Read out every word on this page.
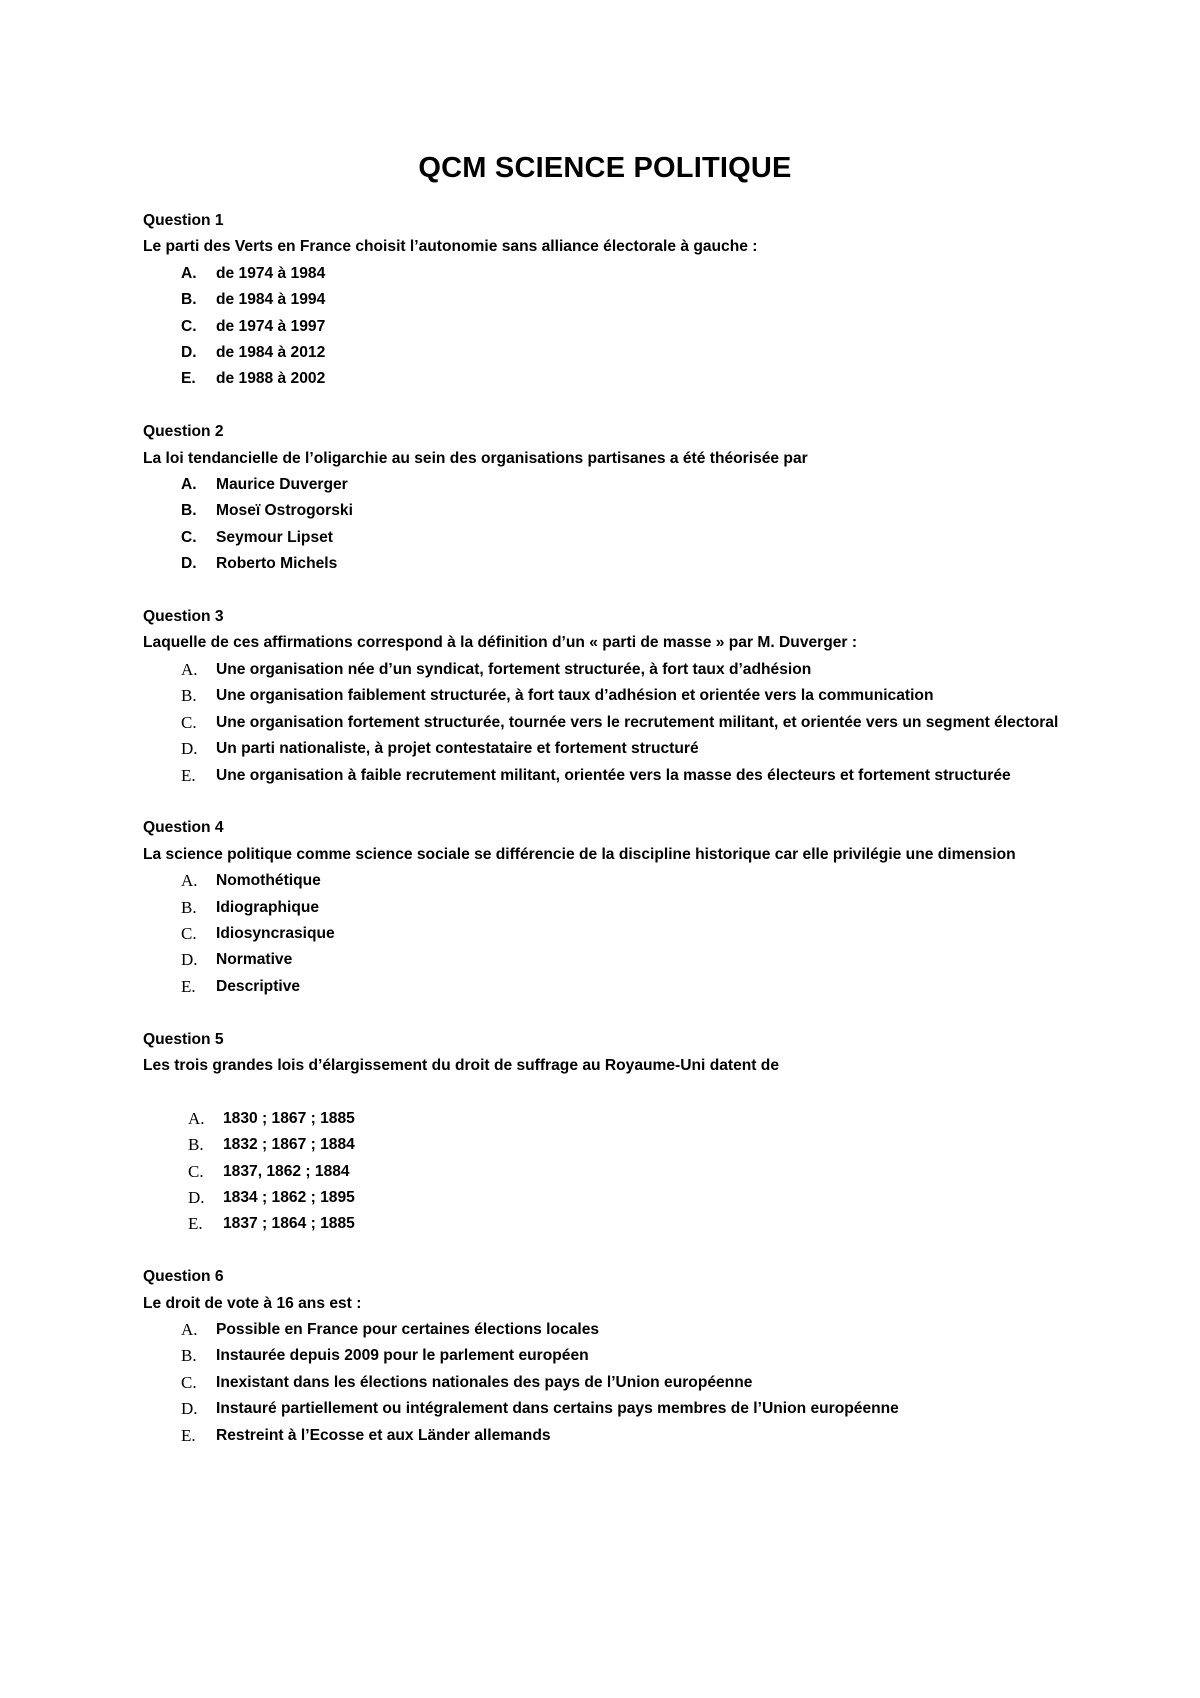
QCM SCIENCE POLITIQUE

Question 1

Le parti des Verts en France choisit l’autonomie sans alliance électorale à gauche :

A. de 1974 à 1984
B. de 1984 à 1994
C. de 1974 à 1997
D. de 1984 à 2012
E. de 1988 à 2002

Question 2

La loi tendancielle de l’oligarchie au sein des organisations partisanes a été théorisée par

A. Maurice Duverger
B. Moseï Ostrogorski
C. Seymour Lipset
D. Roberto Michels

Question 3

Laquelle de ces affirmations correspond à la définition d’un « parti de masse » par M. Duverger :

A. Une organisation née d’un syndicat, fortement structurée, à fort taux d’adhésion
B. Une organisation faiblement structurée, à fort taux d’adhésion et orientée vers la communication
C. Une organisation fortement structurée, tournée vers le recrutement militant, et orientée vers un segment électoral
D. Un parti nationaliste, à projet contestataire et fortement structuré
E. Une organisation à faible recrutement militant, orientée vers la masse des électeurs et fortement structurée

Question 4

La science politique comme science sociale se différencie de la discipline historique car elle privilégie une dimension

A. Nomothétique
B. Idiographique
C. Idiosyncrasique
D. Normative
E. Descriptive

Question 5

Les trois grandes lois d’élargissement du droit de suffrage au Royaume-Uni datent de

A. 1830 ; 1867 ; 1885
B. 1832 ; 1867 ; 1884
C. 1837, 1862 ; 1884
D. 1834 ; 1862 ; 1895
E. 1837 ; 1864 ; 1885

Question 6

Le droit de vote à 16 ans est :

A. Possible en France pour certaines élections locales
B. Instaurée depuis 2009 pour le parlement européen
C. Inexistant dans les élections nationales des pays de l’Union européenne
D. Instauré partiellement ou intégralement dans certains pays membres de l’Union européenne
E. Restreint à l’Ecosse et aux Länder allemands
